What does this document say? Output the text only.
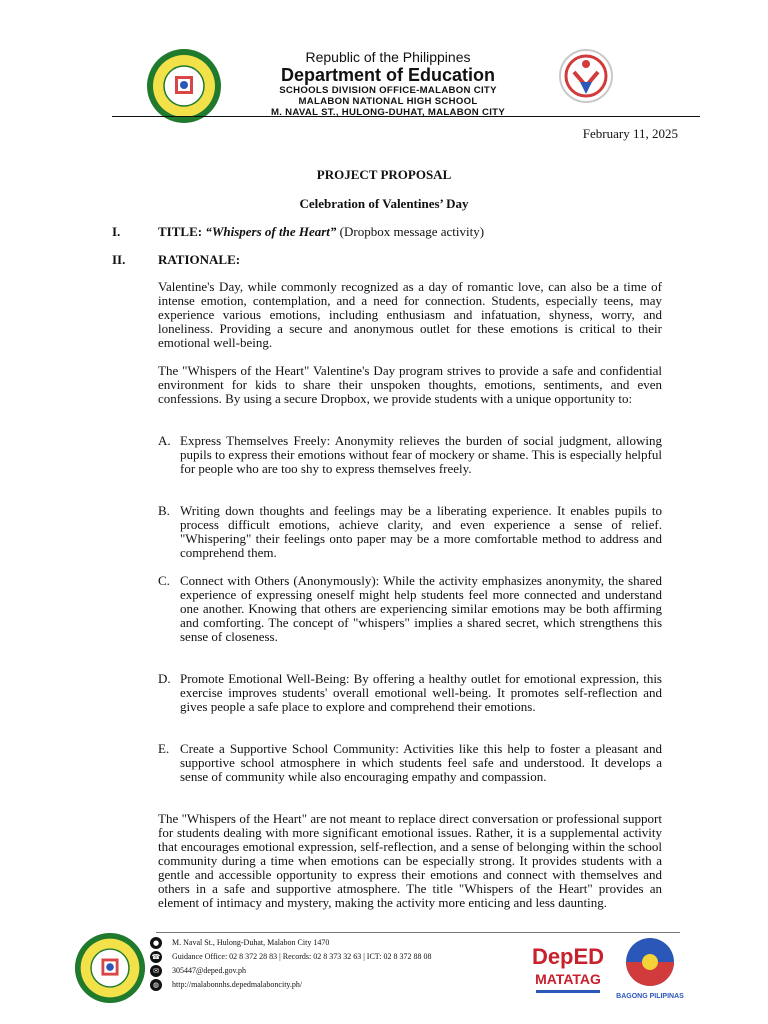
Republic of the Philippines
Department of Education
SCHOOLS DIVISION OFFICE-MALABON CITY
MALABON NATIONAL HIGH SCHOOL
M. NAVAL ST., HULONG-DUHAT, MALABON CITY
February 11, 2025
PROJECT PROPOSAL
Celebration of Valentines’ Day
I.	TITLE: “Whispers of the Heart” (Dropbox message activity)
II.	RATIONALE:
Valentine's Day, while commonly recognized as a day of romantic love, can also be a time of intense emotion, contemplation, and a need for connection. Students, especially teens, may experience various emotions, including enthusiasm and infatuation, shyness, worry, and loneliness. Providing a secure and anonymous outlet for these emotions is critical to their emotional well-being.
The "Whispers of the Heart" Valentine's Day program strives to provide a safe and confidential environment for kids to share their unspoken thoughts, emotions, sentiments, and even confessions. By using a secure Dropbox, we provide students with a unique opportunity to:
A. Express Themselves Freely: Anonymity relieves the burden of social judgment, allowing pupils to express their emotions without fear of mockery or shame. This is especially helpful for people who are too shy to express themselves freely.
B. Writing down thoughts and feelings may be a liberating experience. It enables pupils to process difficult emotions, achieve clarity, and even experience a sense of relief. "Whispering" their feelings onto paper may be a more comfortable method to address and comprehend them.
C. Connect with Others (Anonymously): While the activity emphasizes anonymity, the shared experience of expressing oneself might help students feel more connected and understand one another. Knowing that others are experiencing similar emotions may be both affirming and comforting. The concept of "whispers" implies a shared secret, which strengthens this sense of closeness.
D. Promote Emotional Well-Being: By offering a healthy outlet for emotional expression, this exercise improves students' overall emotional well-being. It promotes self-reflection and gives people a safe place to explore and comprehend their emotions.
E. Create a Supportive School Community: Activities like this help to foster a pleasant and supportive school atmosphere in which students feel safe and understood. It develops a sense of community while also encouraging empathy and compassion.
The "Whispers of the Heart" are not meant to replace direct conversation or professional support for students dealing with more significant emotional issues. Rather, it is a supplemental activity that encourages emotional expression, self-reflection, and a sense of belonging within the school community during a time when emotions can be especially strong. It provides students with a gentle and accessible opportunity to express their emotions and connect with themselves and others in a safe and supportive atmosphere. The title "Whispers of the Heart" provides an element of intimacy and mystery, making the activity more enticing and less daunting.
●	M. Naval St., Hulong-Duhat, Malabon City 1470
☎ Guidance Office: 02 8 372 28 83 | Records: 02 8 373 32 63 | ICT: 02 8 372 88 08
✉	305447@deped.gov.ph
◍	http://malabonnhs.depedmalaboncity.ph/
DepED
MATATAG
BAGONG PILIPINAS
